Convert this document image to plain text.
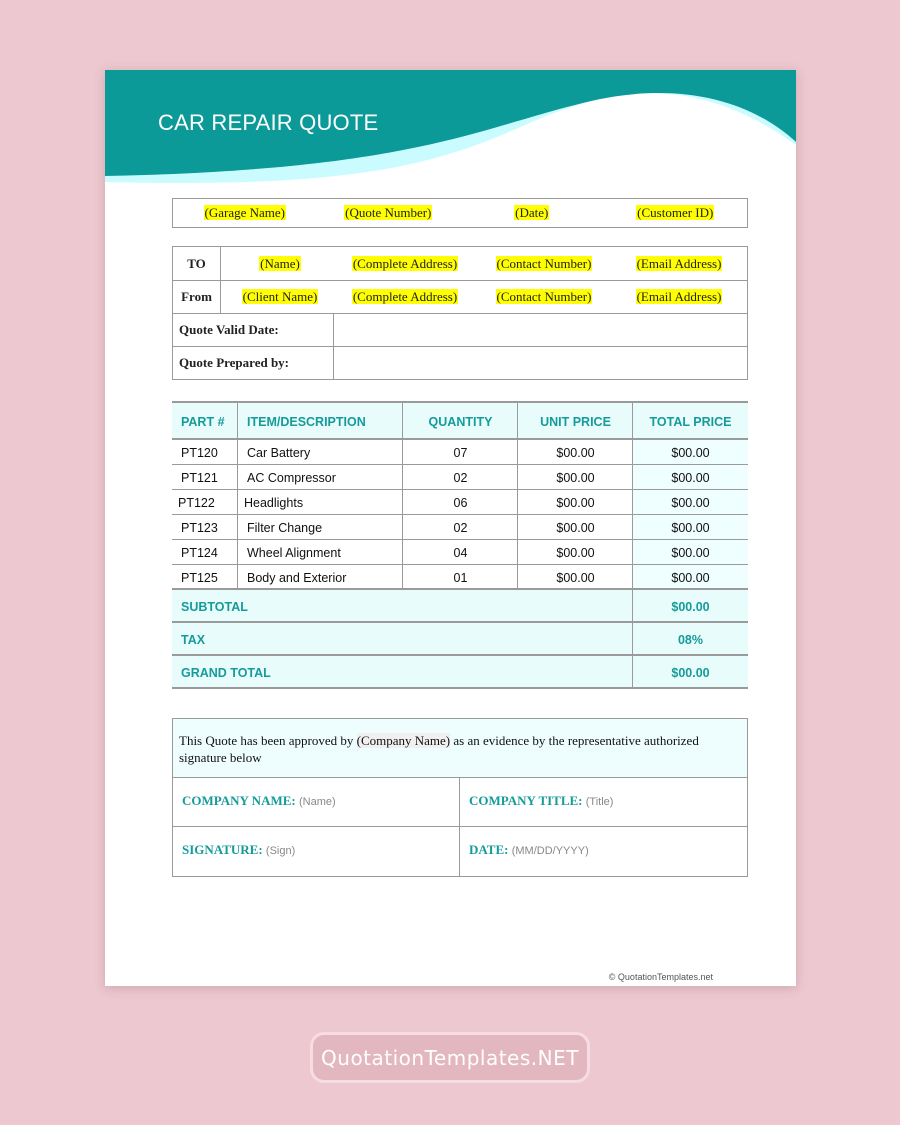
CAR REPAIR QUOTE
(Garage Name)	(Quote Number)	(Date)	(Customer ID)
TO	(Name)	(Complete Address)	(Contact Number)	(Email Address)
From	(Client Name)	(Complete Address)	(Contact Number)	(Email Address)
Quote Valid Date:
Quote Prepared by:
PART # ITEM/DESCRIPTION	QUANTITY	UNIT PRICE	TOTAL PRICE
PT120 Car Battery	07	$00.00	$00.00
PT121 AC Compressor	02	$00.00	$00.00
PT122 Headlights	06	$00.00	$00.00
PT123 Filter Change	02	$00.00	$00.00
PT124 Wheel Alignment	04	$00.00	$00.00
PT125 Body and Exterior	01	$00.00	$00.00
SUBTOTAL	$00.00
TAX	08%
GRAND TOTAL	$00.00
This Quote has been approved by (Company Name) as an evidence by the representative authorized signature below
COMPANY NAME: (Name)	COMPANY TITLE: (Title)
SIGNATURE: (Sign)	DATE: (MM/DD/YYYY)
© QuotationTemplates.net
QuotationTemplates.NET
